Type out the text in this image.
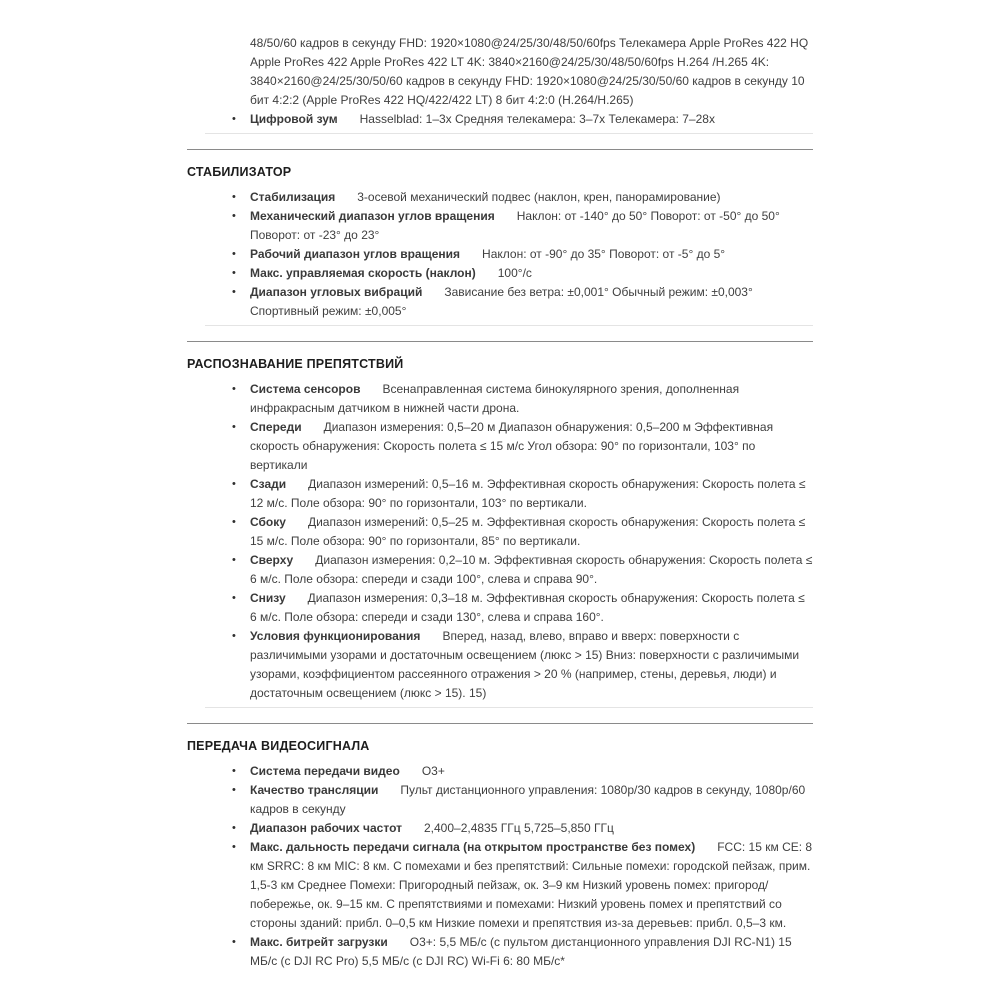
48/50/60 кадров в секунду FHD: 1920×1080@24/25/30/48/50/60fps Телекамера Apple ProRes 422 HQ Apple ProRes 422 Apple ProRes 422 LT 4K: 3840×2160@24/25/30/48/50/60fps H.264 /H.265 4K: 3840×2160@24/25/30/50/60 кадров в секунду FHD: 1920×1080@24/25/30/50/60 кадров в секунду 10 бит 4:2:2 (Apple ProRes 422 HQ/422/422 LT) 8 бит 4:2:0 (H.264/H.265)

• Цифровой зум Hasselblad: 1–3x Средняя телекамера: 3–7x Телекамера: 7–28x

СТАБИЛИЗАТОР

• Стабилизация 3-осевой механический подвес (наклон, крен, панорамирование)

• Механический диапазон углов вращения Наклон: от -140° до 50° Поворот: от -50° до 50° Поворот: от -23° до 23°

• Рабочий диапазон углов вращения Наклон: от -90° до 35° Поворот: от -5° до 5°

• Макс. управляемая скорость (наклон) 100°/с

• Диапазон угловых вибраций Зависание без ветра: ±0,001° Обычный режим: ±0,003° Спортивный режим: ±0,005°

РАСПОЗНАВАНИЕ ПРЕПЯТСТВИЙ

• Система сенсоров Всенаправленная система бинокулярного зрения, дополненная инфракрасным датчиком в нижней части дрона.

• Спереди Диапазон измерения: 0,5–20 м Диапазон обнаружения: 0,5–200 м Эффективная скорость обнаружения: Скорость полета ≤ 15 м/с Угол обзора: 90° по горизонтали, 103° по вертикали

• Сзади Диапазон измерений: 0,5–16 м. Эффективная скорость обнаружения: Скорость полета ≤ 12 м/с. Поле обзора: 90° по горизонтали, 103° по вертикали.

• Сбоку Диапазон измерений: 0,5–25 м. Эффективная скорость обнаружения: Скорость полета ≤ 15 м/с. Поле обзора: 90° по горизонтали, 85° по вертикали.

• Сверху Диапазон измерения: 0,2–10 м. Эффективная скорость обнаружения: Скорость полета ≤ 6 м/с. Поле обзора: спереди и сзади 100°, слева и справа 90°.

• Снизу Диапазон измерения: 0,3–18 м. Эффективная скорость обнаружения: Скорость полета ≤ 6 м/с. Поле обзора: спереди и сзади 130°, слева и справа 160°.

• Условия функционирования Вперед, назад, влево, вправо и вверх: поверхности с различимыми узорами и достаточным освещением (люкс > 15) Вниз: поверхности с различимыми узорами, коэффициентом рассеянного отражения > 20 % (например, стены, деревья, люди) и достаточным освещением (люкс > 15). 15)

ПЕРЕДАЧА ВИДЕОСИГНАЛА

• Система передачи видео O3+

• Качество трансляции Пульт дистанционного управления: 1080p/30 кадров в секунду, 1080p/60 кадров в секунду

• Диапазон рабочих частот 2,400–2,4835 ГГц 5,725–5,850 ГГц

• Макс. дальность передачи сигнала (на открытом пространстве без помех) FCC: 15 км CE: 8 км SRRC: 8 км MIC: 8 км. С помехами и без препятствий: Сильные помехи: городской пейзаж, прим. 1,5-3 км Среднее Помехи: Пригородный пейзаж, ок. 3–9 км Низкий уровень помех: пригород/побережье, ок. 9–15 км. С препятствиями и помехами: Низкий уровень помех и препятствий со стороны зданий: прибл. 0–0,5 км Низкие помехи и препятствия из-за деревьев: прибл. 0,5–3 км.

• Макс. битрейт загрузки O3+: 5,5 МБ/с (с пультом дистанционного управления DJI RC-N1) 15 МБ/с (с DJI RC Pro) 5,5 МБ/с (с DJI RC) Wi-Fi 6: 80 МБ/с*
